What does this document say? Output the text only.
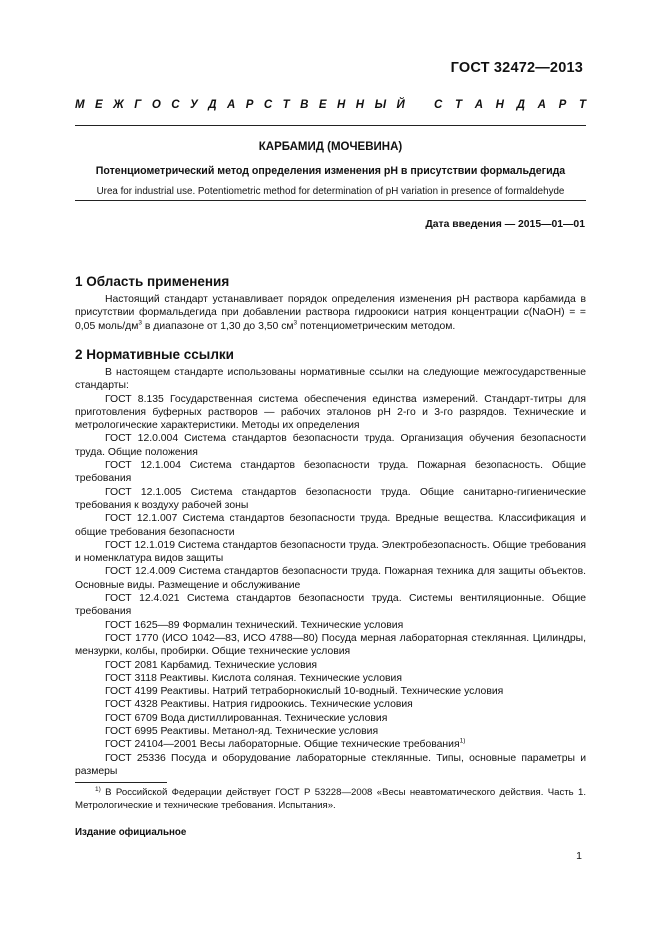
ГОСТ 32472—2013
М Е Ж Г О С У Д А Р С Т В Е Н Н Ы Й	С Т А Н Д А Р Т
КАРБАМИД (МОЧЕВИНА)
Потенциометрический метод определения изменения рН в присутствии формальдегида
Urea for industrial use. Potentiometric method for determination of pH variation in presence of formaldehyde
Дата введения — 2015—01—01
1 Область применения

Настоящий стандарт устанавливает порядок определения изменения рН раствора карбамида в присутствии формальдегида при добавлении раствора гидроокиси натрия концентрации c(NaOH) = = 0,05 моль/$дм^3$ в диапазоне от 1,30 до 3,50 $см^3$ потенциометрическим методом.

2 Нормативные ссылки

В настоящем стандарте использованы нормативные ссылки на следующие межгосударственные стандарты:

ГОСТ 8.135 Государственная система обеспечения единства измерений. Стандарт-титры для приготовления буферных растворов — рабочих эталонов рН 2-го и 3-го разрядов. Технические и метрологические характеристики. Методы их определения

ГОСТ 12.0.004 Система стандартов безопасности труда. Организация обучения безопасности труда. Общие положения

ГОСТ 12.1.004 Система стандартов безопасности труда. Пожарная безопасность. Общие требования

ГОСТ 12.1.005 Система стандартов безопасности труда. Общие санитарно-гигиенические требования к воздуху рабочей зоны

ГОСТ 12.1.007 Система стандартов безопасности труда. Вредные вещества. Классификация и общие требования безопасности

ГОСТ 12.1.019 Система стандартов безопасности труда. Электробезопасность. Общие требования и номенклатура видов защиты

ГОСТ 12.4.009 Система стандартов безопасности труда. Пожарная техника для защиты объектов. Основные виды. Размещение и обслуживание

ГОСТ 12.4.021 Система стандартов безопасности труда. Системы вентиляционные. Общие требования

ГОСТ 1625—89 Формалин технический. Технические условия

ГОСТ 1770 (ИСО 1042—83, ИСО 4788—80) Посуда мерная лабораторная стеклянная. Цилиндры, мензурки, колбы, пробирки. Общие технические условия

ГОСТ 2081 Карбамид. Технические условия

ГОСТ 3118 Реактивы. Кислота соляная. Технические условия

ГОСТ 4199 Реактивы. Натрий тетраборнокислый 10-водный. Технические условия

ГОСТ 4328 Реактивы. Натрия гидроокись. Технические условия

ГОСТ 6709 Вода дистиллированная. Технические условия

ГОСТ 6995 Реактивы. Метанол-яд. Технические условия

ГОСТ 24104—2001 Весы лабораторные. Общие технические требования$^{1)}$

ГОСТ 25336 Посуда и оборудование лабораторные стеклянные. Типы, основные параметры и размеры

$^{1)}$ В Российской Федерации действует ГОСТ Р 53228—2008 «Весы неавтоматического действия. Часть 1. Метрологические и технические требования. Испытания».
Издание официальное
1
